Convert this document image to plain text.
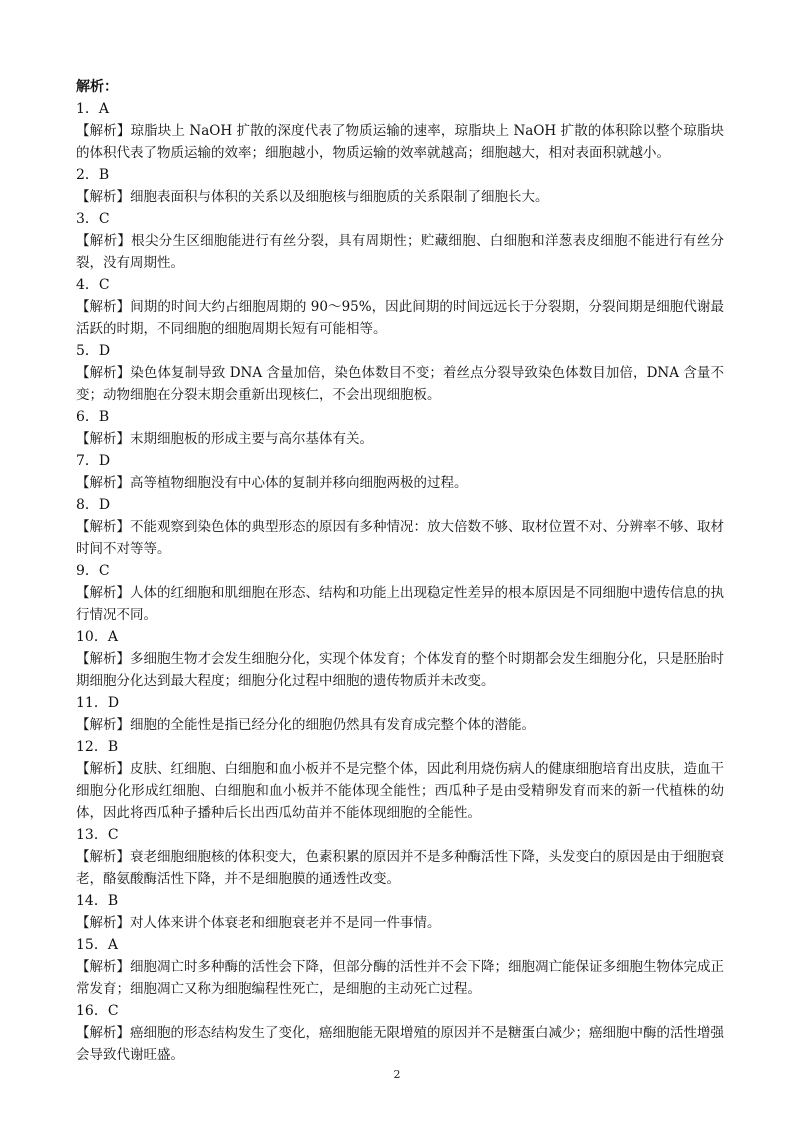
解析：

1．A

【解析】琼脂块上 NaOH 扩散的深度代表了物质运输的速率，琼脂块上 NaOH 扩散的体积除以整个琼脂块的体积代表了物质运输的效率；细胞越小，物质运输的效率就越高；细胞越大，相对表面积就越小。

2．B

【解析】细胞表面积与体积的关系以及细胞核与细胞质的关系限制了细胞长大。

3．C

【解析】根尖分生区细胞能进行有丝分裂，具有周期性；贮藏细胞、白细胞和洋葱表皮细胞不能进行有丝分裂，没有周期性。

4．C

【解析】间期的时间大约占细胞周期的 90～95%，因此间期的时间远远长于分裂期，分裂间期是细胞代谢最活跃的时期，不同细胞的细胞周期长短有可能相等。

5．D

【解析】染色体复制导致 DNA 含量加倍，染色体数目不变；着丝点分裂导致染色体数目加倍，DNA 含量不变；动物细胞在分裂末期会重新出现核仁，不会出现细胞板。

6．B

【解析】末期细胞板的形成主要与高尔基体有关。

7．D

【解析】高等植物细胞没有中心体的复制并移向细胞两极的过程。

8．D

【解析】不能观察到染色体的典型形态的原因有多种情况：放大倍数不够、取材位置不对、分辨率不够、取材时间不对等等。

9．C

【解析】人体的红细胞和肌细胞在形态、结构和功能上出现稳定性差异的根本原因是不同细胞中遗传信息的执行情况不同。

10．A

【解析】多细胞生物才会发生细胞分化，实现个体发育；个体发育的整个时期都会发生细胞分化，只是胚胎时期细胞分化达到最大程度；细胞分化过程中细胞的遗传物质并未改变。

11．D

【解析】细胞的全能性是指已经分化的细胞仍然具有发育成完整个体的潜能。

12．B

【解析】皮肤、红细胞、白细胞和血小板并不是完整个体，因此利用烧伤病人的健康细胞培育出皮肤，造血干细胞分化形成红细胞、白细胞和血小板并不能体现全能性；西瓜种子是由受精卵发育而来的新一代植株的幼体，因此将西瓜种子播种后长出西瓜幼苗并不能体现细胞的全能性。

13．C

【解析】衰老细胞细胞核的体积变大，色素积累的原因并不是多种酶活性下降，头发变白的原因是由于细胞衰老，酪氨酸酶活性下降，并不是细胞膜的通透性改变。

14．B

【解析】对人体来讲个体衰老和细胞衰老并不是同一件事情。

15．A

【解析】细胞凋亡时多种酶的活性会下降，但部分酶的活性并不会下降；细胞凋亡能保证多细胞生物体完成正常发育；细胞凋亡又称为细胞编程性死亡，是细胞的主动死亡过程。

16．C

【解析】癌细胞的形态结构发生了变化，癌细胞能无限增殖的原因并不是糖蛋白减少；癌细胞中酶的活性增强会导致代谢旺盛。

2
